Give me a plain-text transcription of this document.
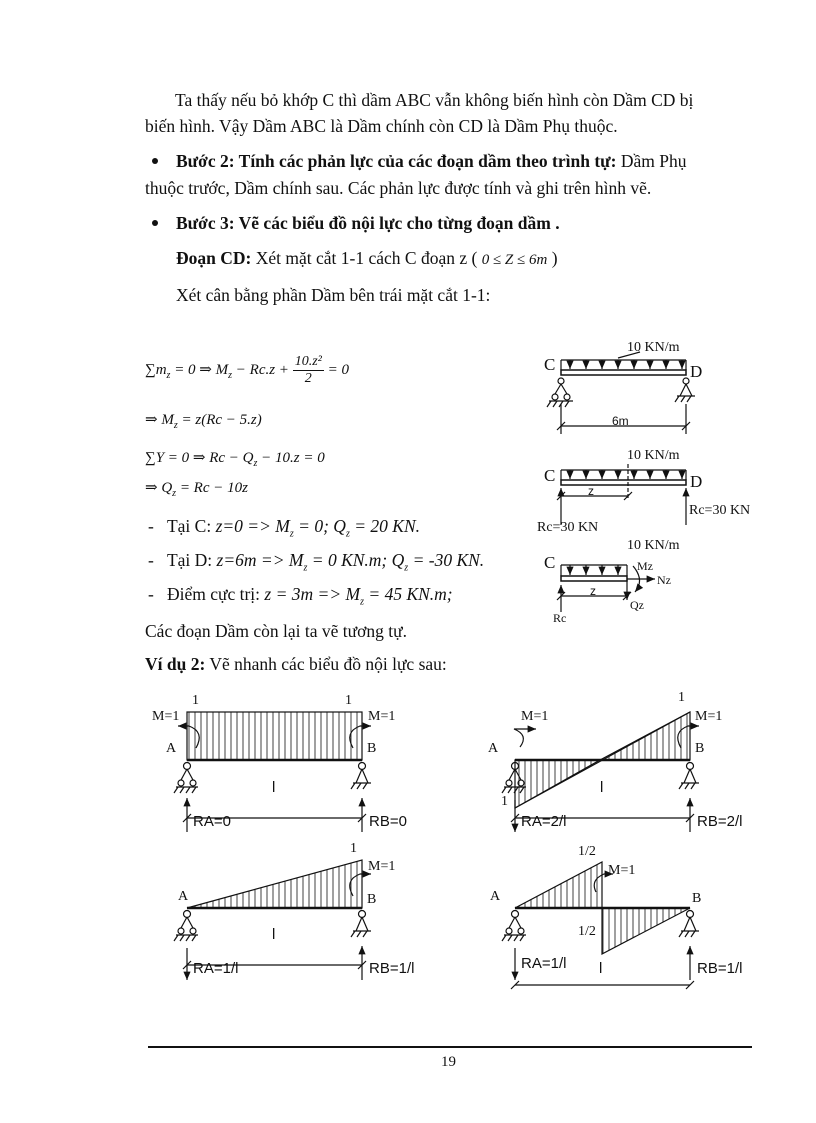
Ta thấy nếu bỏ khớp C thì dầm ABC vẫn không biến hình còn Dầm CD bị
biến hình. Vậy Dầm ABC là Dầm chính còn CD là Dầm Phụ thuộc.
Bước 2: Tính các phản lực của các đoạn dầm theo trình tự: Dầm Phụ
thuộc trước, Dầm chính sau. Các phản lực được tính và ghi trên hình vẽ.
Bước 3: Vẽ các biểu đồ nội lực cho từng đoạn dầm .
Đoạn CD: Xét mặt cắt 1-1 cách C đoạn z ( 0 ≤ Z ≤ 6m )
Xét cân bằng phần Dầm bên trái mặt cắt 1-1:
$\sum m_z = 0$ ⇒ $M_z - Rc.z + \frac{\text{10.z²}}{2} = 0$
⇒ $M_z = z(Rc - 5.z)$
∑Y = 0 ⇒ $Rc - Q_z - 10.z = 0$
⇒ $Q_z = Rc - 10z$
- Tại C: $z=0 => M_z = 0$; $Q_z = 20$ KN.
- Tại D: $z=6m => M_z = 0$ KN.m; $Q_z = -30$ KN.
- Điểm cực trị: $z = 3m => M_z = 45$ KN.m;
Các đoạn Dầm còn lại ta vẽ tương tự.
Ví dụ 2: Vẽ nhanh các biểu đồ nội lực sau:
10 KN/m
C	D
6m
10 KN/m
C	D
z
Rc=30 KN
Rc=30 KN
10 KN/m
C
z
Mz
Nz
Qz
Rc
1	1
M=1	M=1
A	B
l
RA=0	RB=0
1
1
M=1	M=1
A	B
l
RA=2/l	RB=2/l
1
M=1
A	B
l
RA=1/l	RB=1/l
1/2
1/2
M=1
A	B
l
RA=1/l	RB=1/l
19
